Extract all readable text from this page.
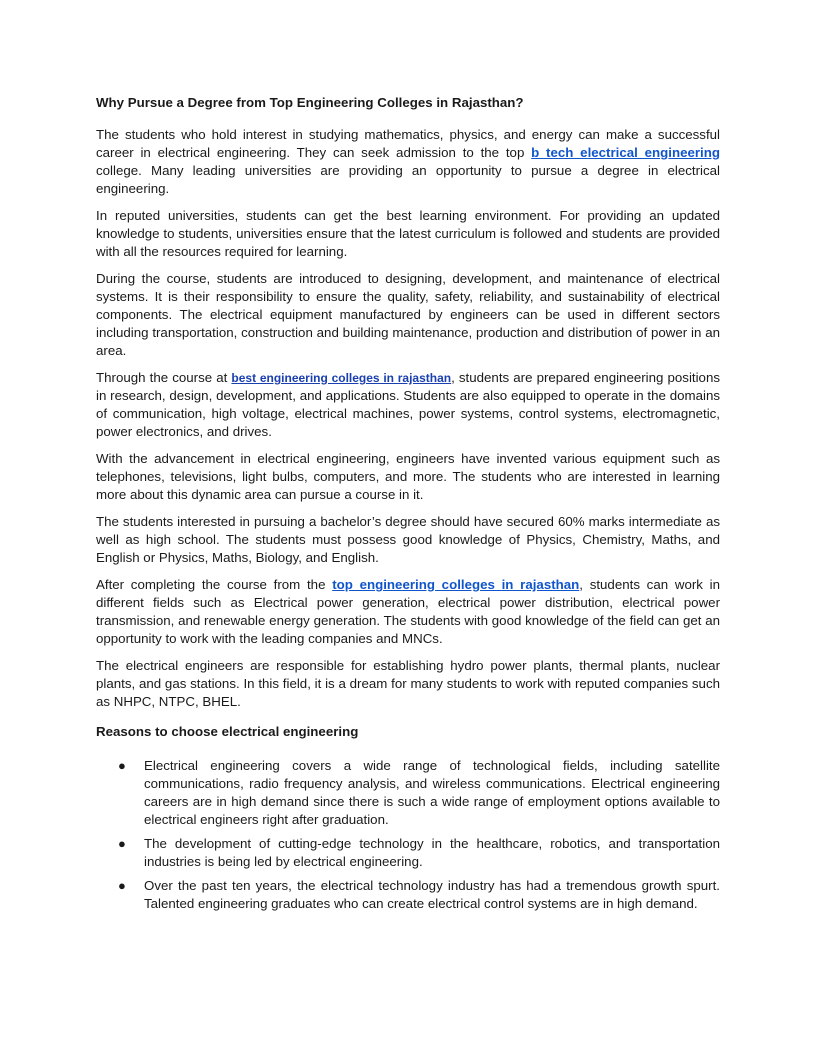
Why Pursue a Degree from Top Engineering Colleges in Rajasthan?

The students who hold interest in studying mathematics, physics, and energy can make a successful career in electrical engineering. They can seek admission to the top b tech electrical engineering college. Many leading universities are providing an opportunity to pursue a degree in electrical engineering.

In reputed universities, students can get the best learning environment. For providing an updated knowledge to students, universities ensure that the latest curriculum is followed and students are provided with all the resources required for learning.

During the course, students are introduced to designing, development, and maintenance of electrical systems. It is their responsibility to ensure the quality, safety, reliability, and sustainability of electrical components. The electrical equipment manufactured by engineers can be used in different sectors including transportation, construction and building maintenance, production and distribution of power in an area.

Through the course at best engineering colleges in rajasthan, students are prepared engineering positions in research, design, development, and applications. Students are also equipped to operate in the domains of communication, high voltage, electrical machines, power systems, control systems, electromagnetic, power electronics, and drives.

With the advancement in electrical engineering, engineers have invented various equipment such as telephones, televisions, light bulbs, computers, and more. The students who are interested in learning more about this dynamic area can pursue a course in it.

The students interested in pursuing a bachelor’s degree should have secured 60% marks intermediate as well as high school. The students must possess good knowledge of Physics, Chemistry, Maths, and English or Physics, Maths, Biology, and English.

After completing the course from the top engineering colleges in rajasthan, students can work in different fields such as Electrical power generation, electrical power distribution, electrical power transmission, and renewable energy generation. The students with good knowledge of the field can get an opportunity to work with the leading companies and MNCs.

The electrical engineers are responsible for establishing hydro power plants, thermal plants, nuclear plants, and gas stations. In this field, it is a dream for many students to work with reputed companies such as NHPC, NTPC, BHEL.

Reasons to choose electrical engineering
● Electrical engineering covers a wide range of technological fields, including satellite communications, radio frequency analysis, and wireless communications. Electrical engineering careers are in high demand since there is such a wide range of employment options available to electrical engineers right after graduation.
● The development of cutting-edge technology in the healthcare, robotics, and transportation industries is being led by electrical engineering.
● Over the past ten years, the electrical technology industry has had a tremendous growth spurt. Talented engineering graduates who can create electrical control systems are in high demand.
